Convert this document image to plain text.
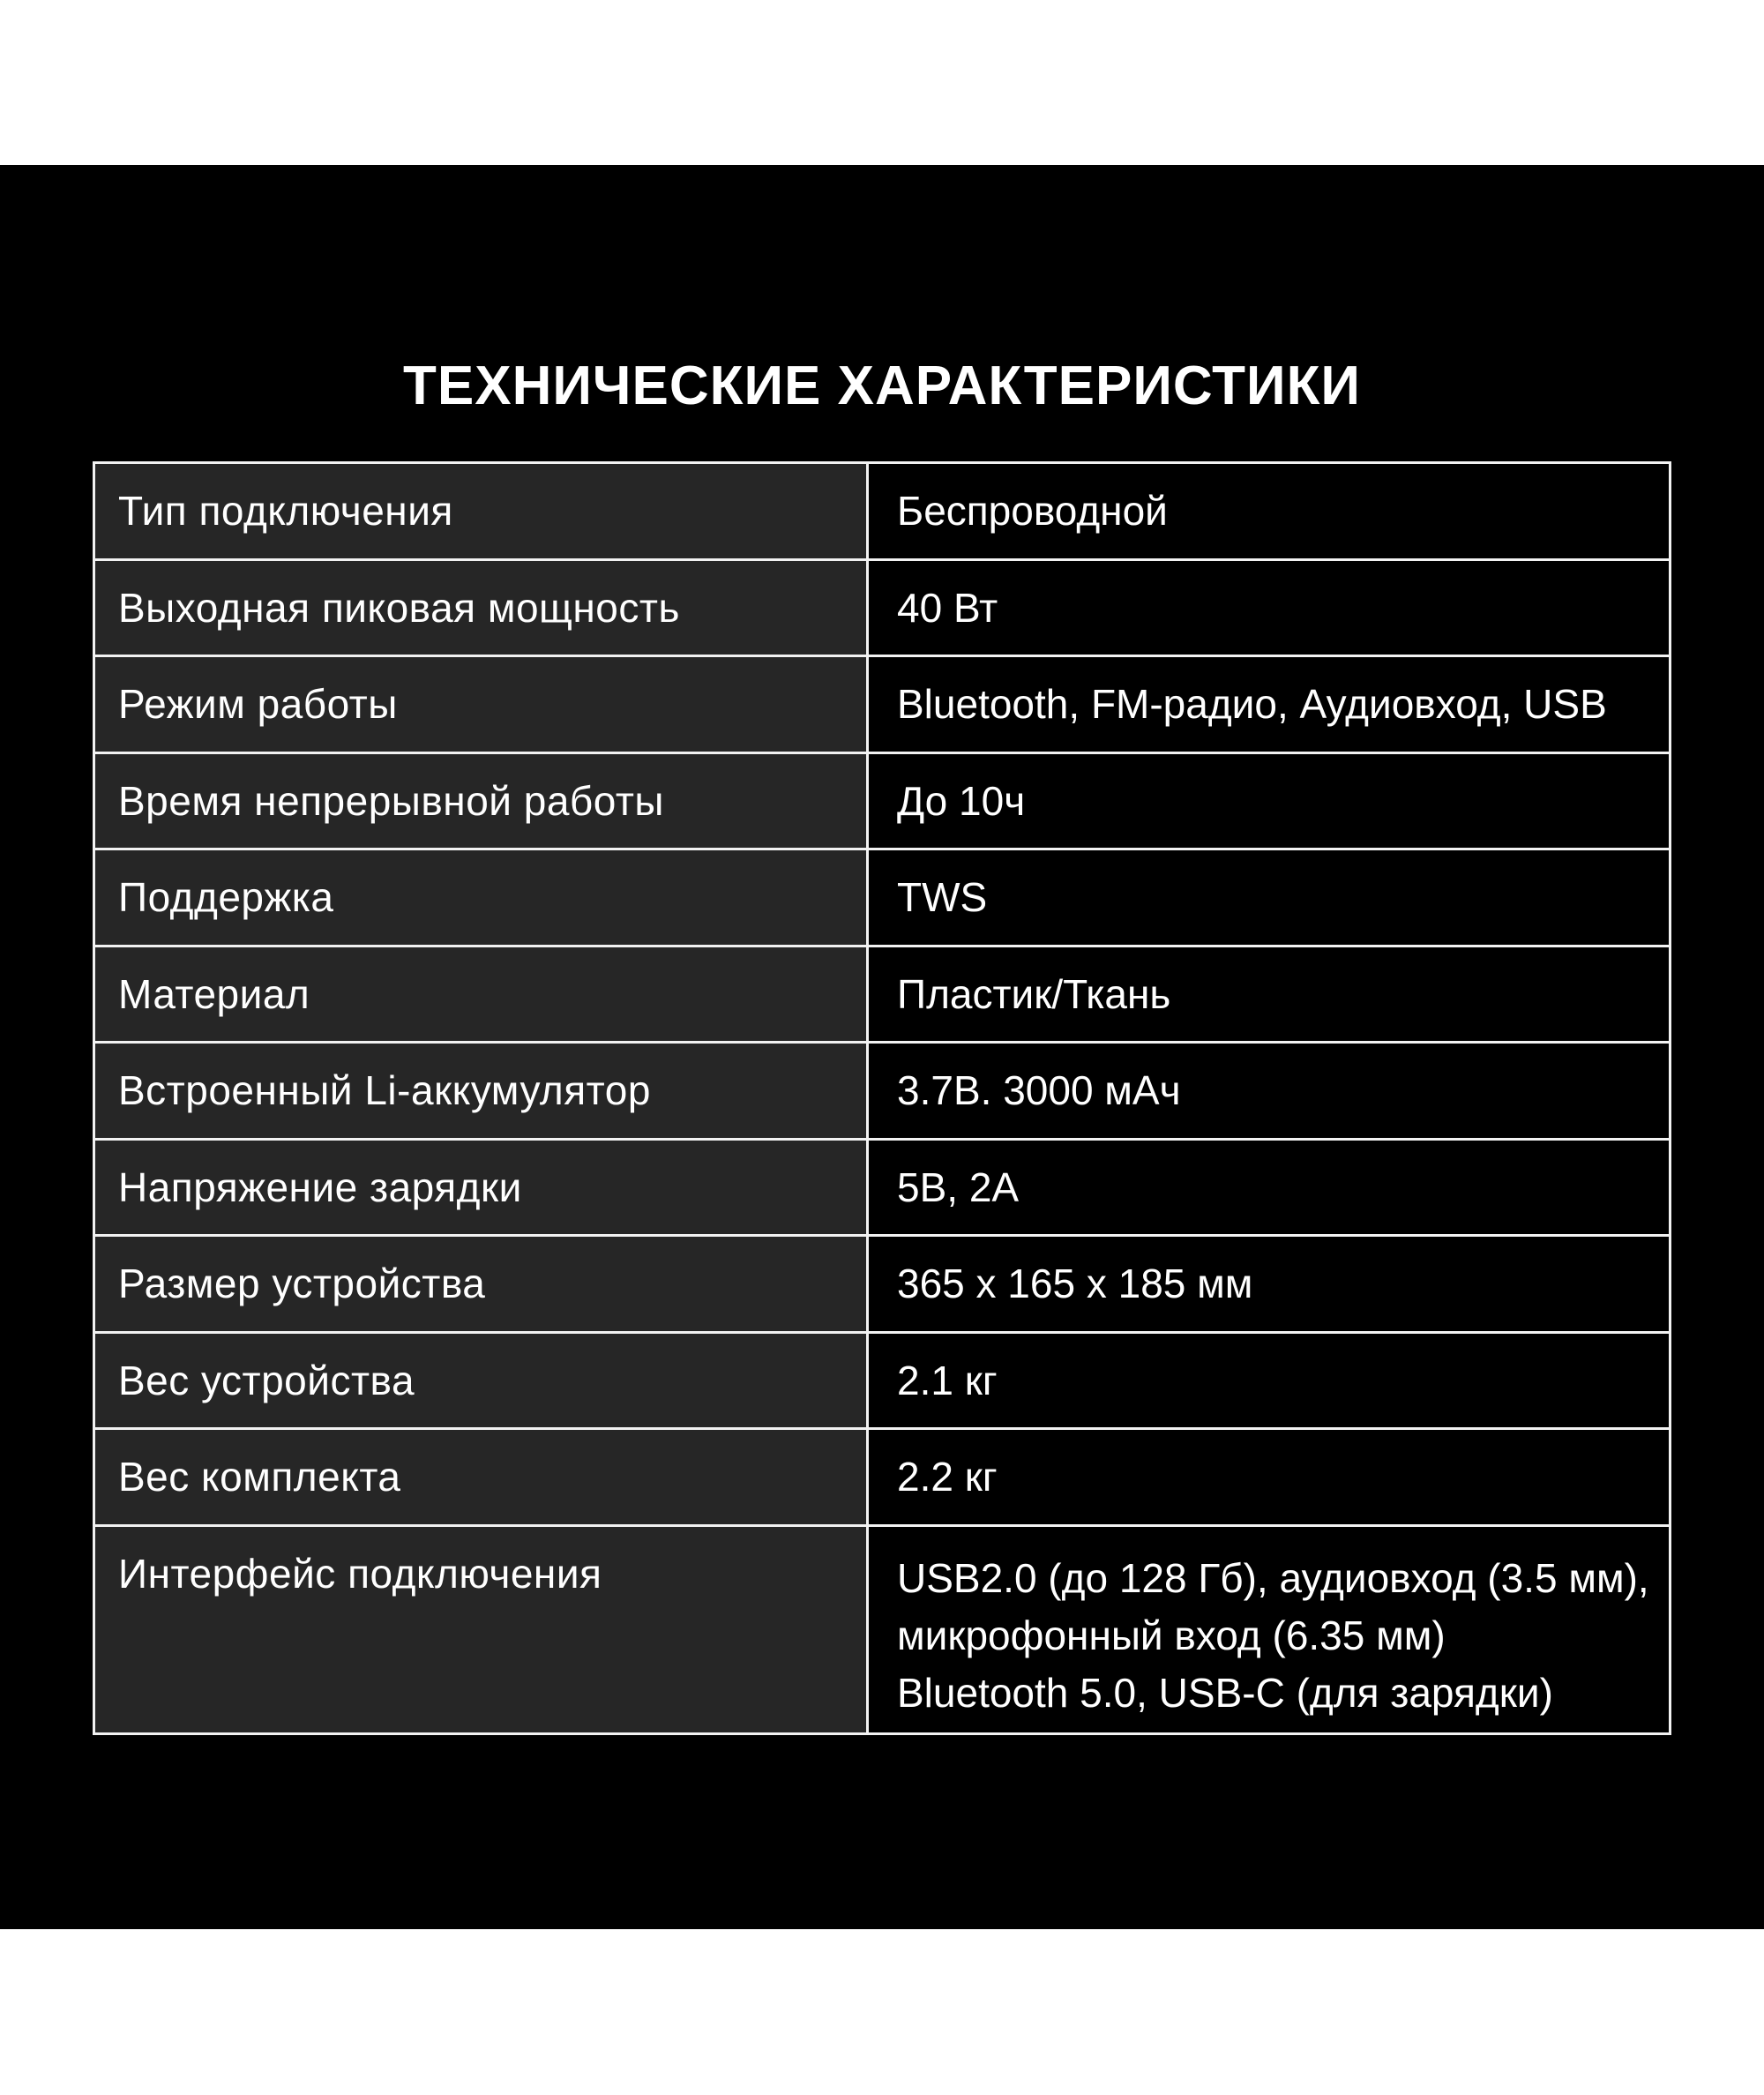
ТЕХНИЧЕСКИЕ ХАРАКТЕРИСТИКИ
Тип подключения	Беспроводной
Выходная пиковая мощность	40 Вт
Режим работы	Bluetooth, FM-радио, Аудиовход, USB
Время непрерывной работы	До 10ч
Поддержка	TWS
Материал	Пластик/Ткань
Встроенный Li-аккумулятор	3.7В. 3000 мАч
Напряжение зарядки	5В, 2А
Размер устройства	365 x 165 x 185 мм
Вес устройства	2.1 кг
Вес комплекта	2.2 кг
Интерфейс подключения	USB2.0 (до 128 Гб), аудиовход (3.5 мм),
микрофонный вход (6.35 мм)
Bluetooth 5.0, USB-C (для зарядки)
